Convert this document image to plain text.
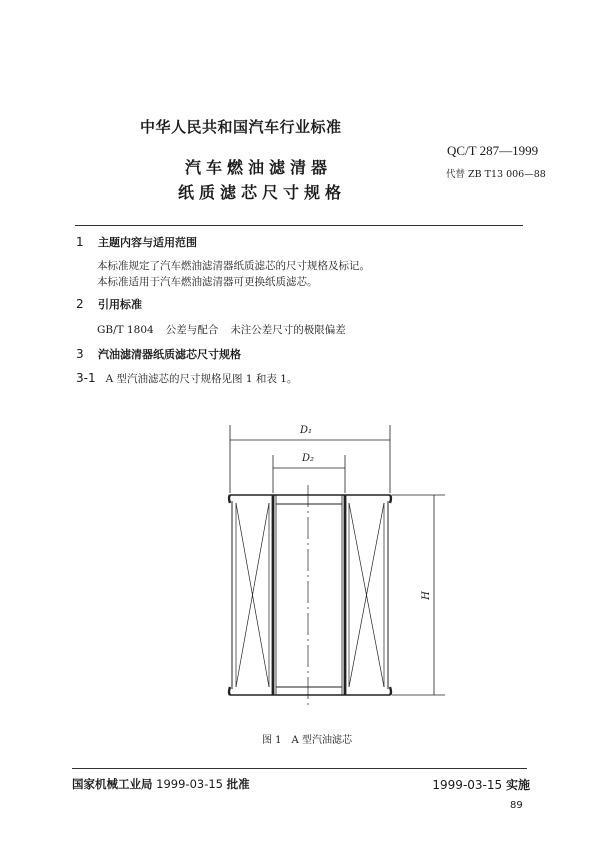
中华人民共和国汽车行业标准
QC/T 287—1999
代替 ZB T13 006—88
汽车燃油滤清器
纸质滤芯尺寸规格
1 主题内容与适用范围
本标准规定了汽车燃油滤清器纸质滤芯的尺寸规格及标记。
本标准适用于汽车燃油滤清器可更换纸质滤芯。
2 引用标准
GB/T 1804 公差与配合 未注公差尺寸的极限偏差
3 汽油滤清器纸质滤芯尺寸规格
3-1 A 型汽油滤芯的尺寸规格见图 1 和表 1。
D₁
D₂
H
图 1　A 型汽油滤芯
国家机械工业局 1999-03-15 批准	1999-03-15 实施
89
